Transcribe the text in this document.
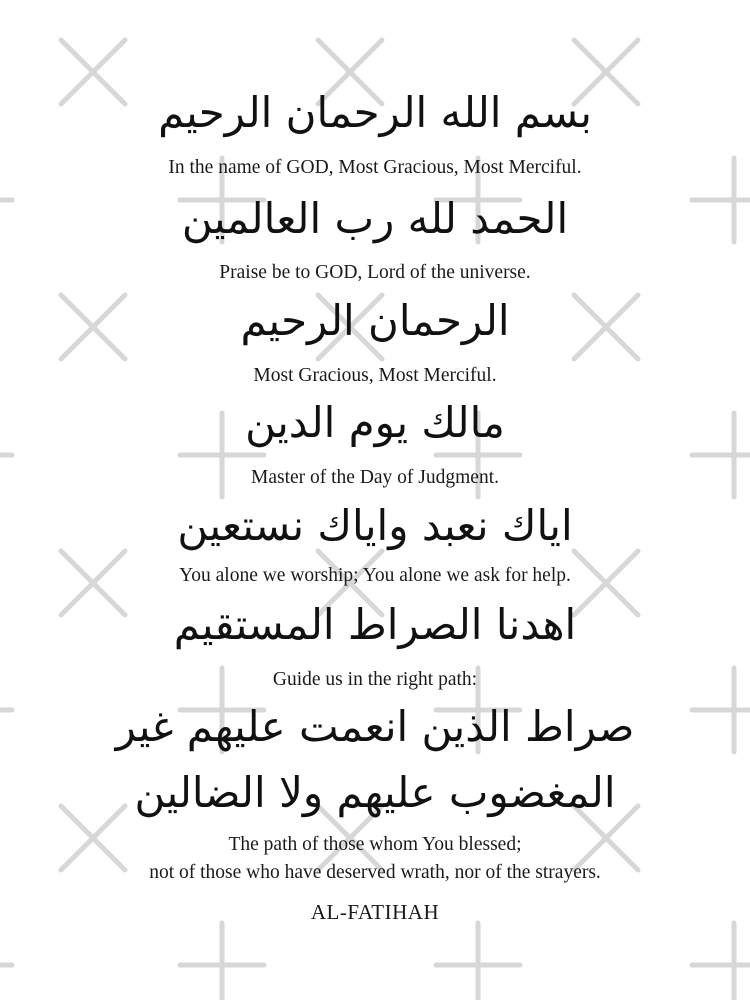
بسم الله الرحمان الرحيم
In the name of GOD, Most Gracious, Most Merciful.
الحمد لله رب العالمين
Praise be to GOD, Lord of the universe.
الرحمان الرحيم
Most Gracious, Most Merciful.
مالك يوم الدين
Master of the Day of Judgment.
اياك نعبد واياك نستعين
You alone we worship; You alone we ask for help.
اهدنا الصراط المستقيم
Guide us in the right path:
صراط الذين انعمت عليهم غير
المغضوب عليهم ولا الضالين
The path of those whom You blessed;
not of those who have deserved wrath, nor of the strayers.
AL-FATIHAH
